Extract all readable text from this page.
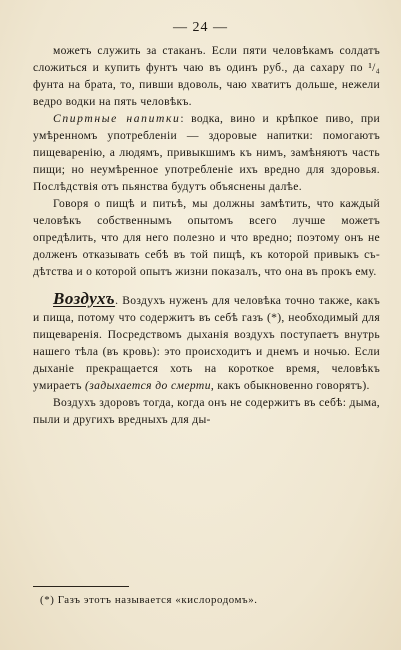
— 24 —

можетъ служить за стаканъ. Если пяти человѣкамъ солдатъ сложиться и купить фунтъ чаю въ одинъ руб., да сахару по ¹/₄ фунта на брата, то, пивши вдоволь, чаю хватитъ дольше, нежели ведро водки на пять человѣкъ.

Спиртные напитки: водка, вино и крѣпкое пиво, при умѣренномъ употребленіи — здоровые напитки: помогаютъ пищеваренію, а людямъ, привыкшимъ къ нимъ, замѣняютъ часть пищи; но неумѣренное употребленіе ихъ вредно для здоровья. Послѣдствія отъ пьянства будутъ объяснены далѣе.

Говоря о пищѣ и питьѣ, мы должны замѣтить, что каждый человѣкъ собственнымъ опытомъ всего лучше можетъ опредѣлить, что для него полезно и что вредно; поэтому онъ не долженъ отказывать себѣ въ той пищѣ, къ которой привыкъ съ-дѣтства и о которой опытъ жизни показалъ, что она въ прокъ ему.

Воздухъ. Воздухъ нуженъ для человѣка точно также, какъ и пища, потому что содержитъ въ себѣ газъ (*), необходимый для пищеваренія. Посредствомъ дыханія воздухъ поступаетъ внутрь нашего тѣла (въ кровь): это происходитъ и днемъ и ночью. Если дыханіе прекращается хоть на короткое время, человѣкъ умираетъ (задыхается до смерти, какъ обыкновенно говорятъ).

Воздухъ здоровъ тогда, когда онъ не содержитъ въ себѣ: дыма, пыли и другихъ вредныхъ для ды-

(*) Газъ этотъ называется «кислородомъ».
